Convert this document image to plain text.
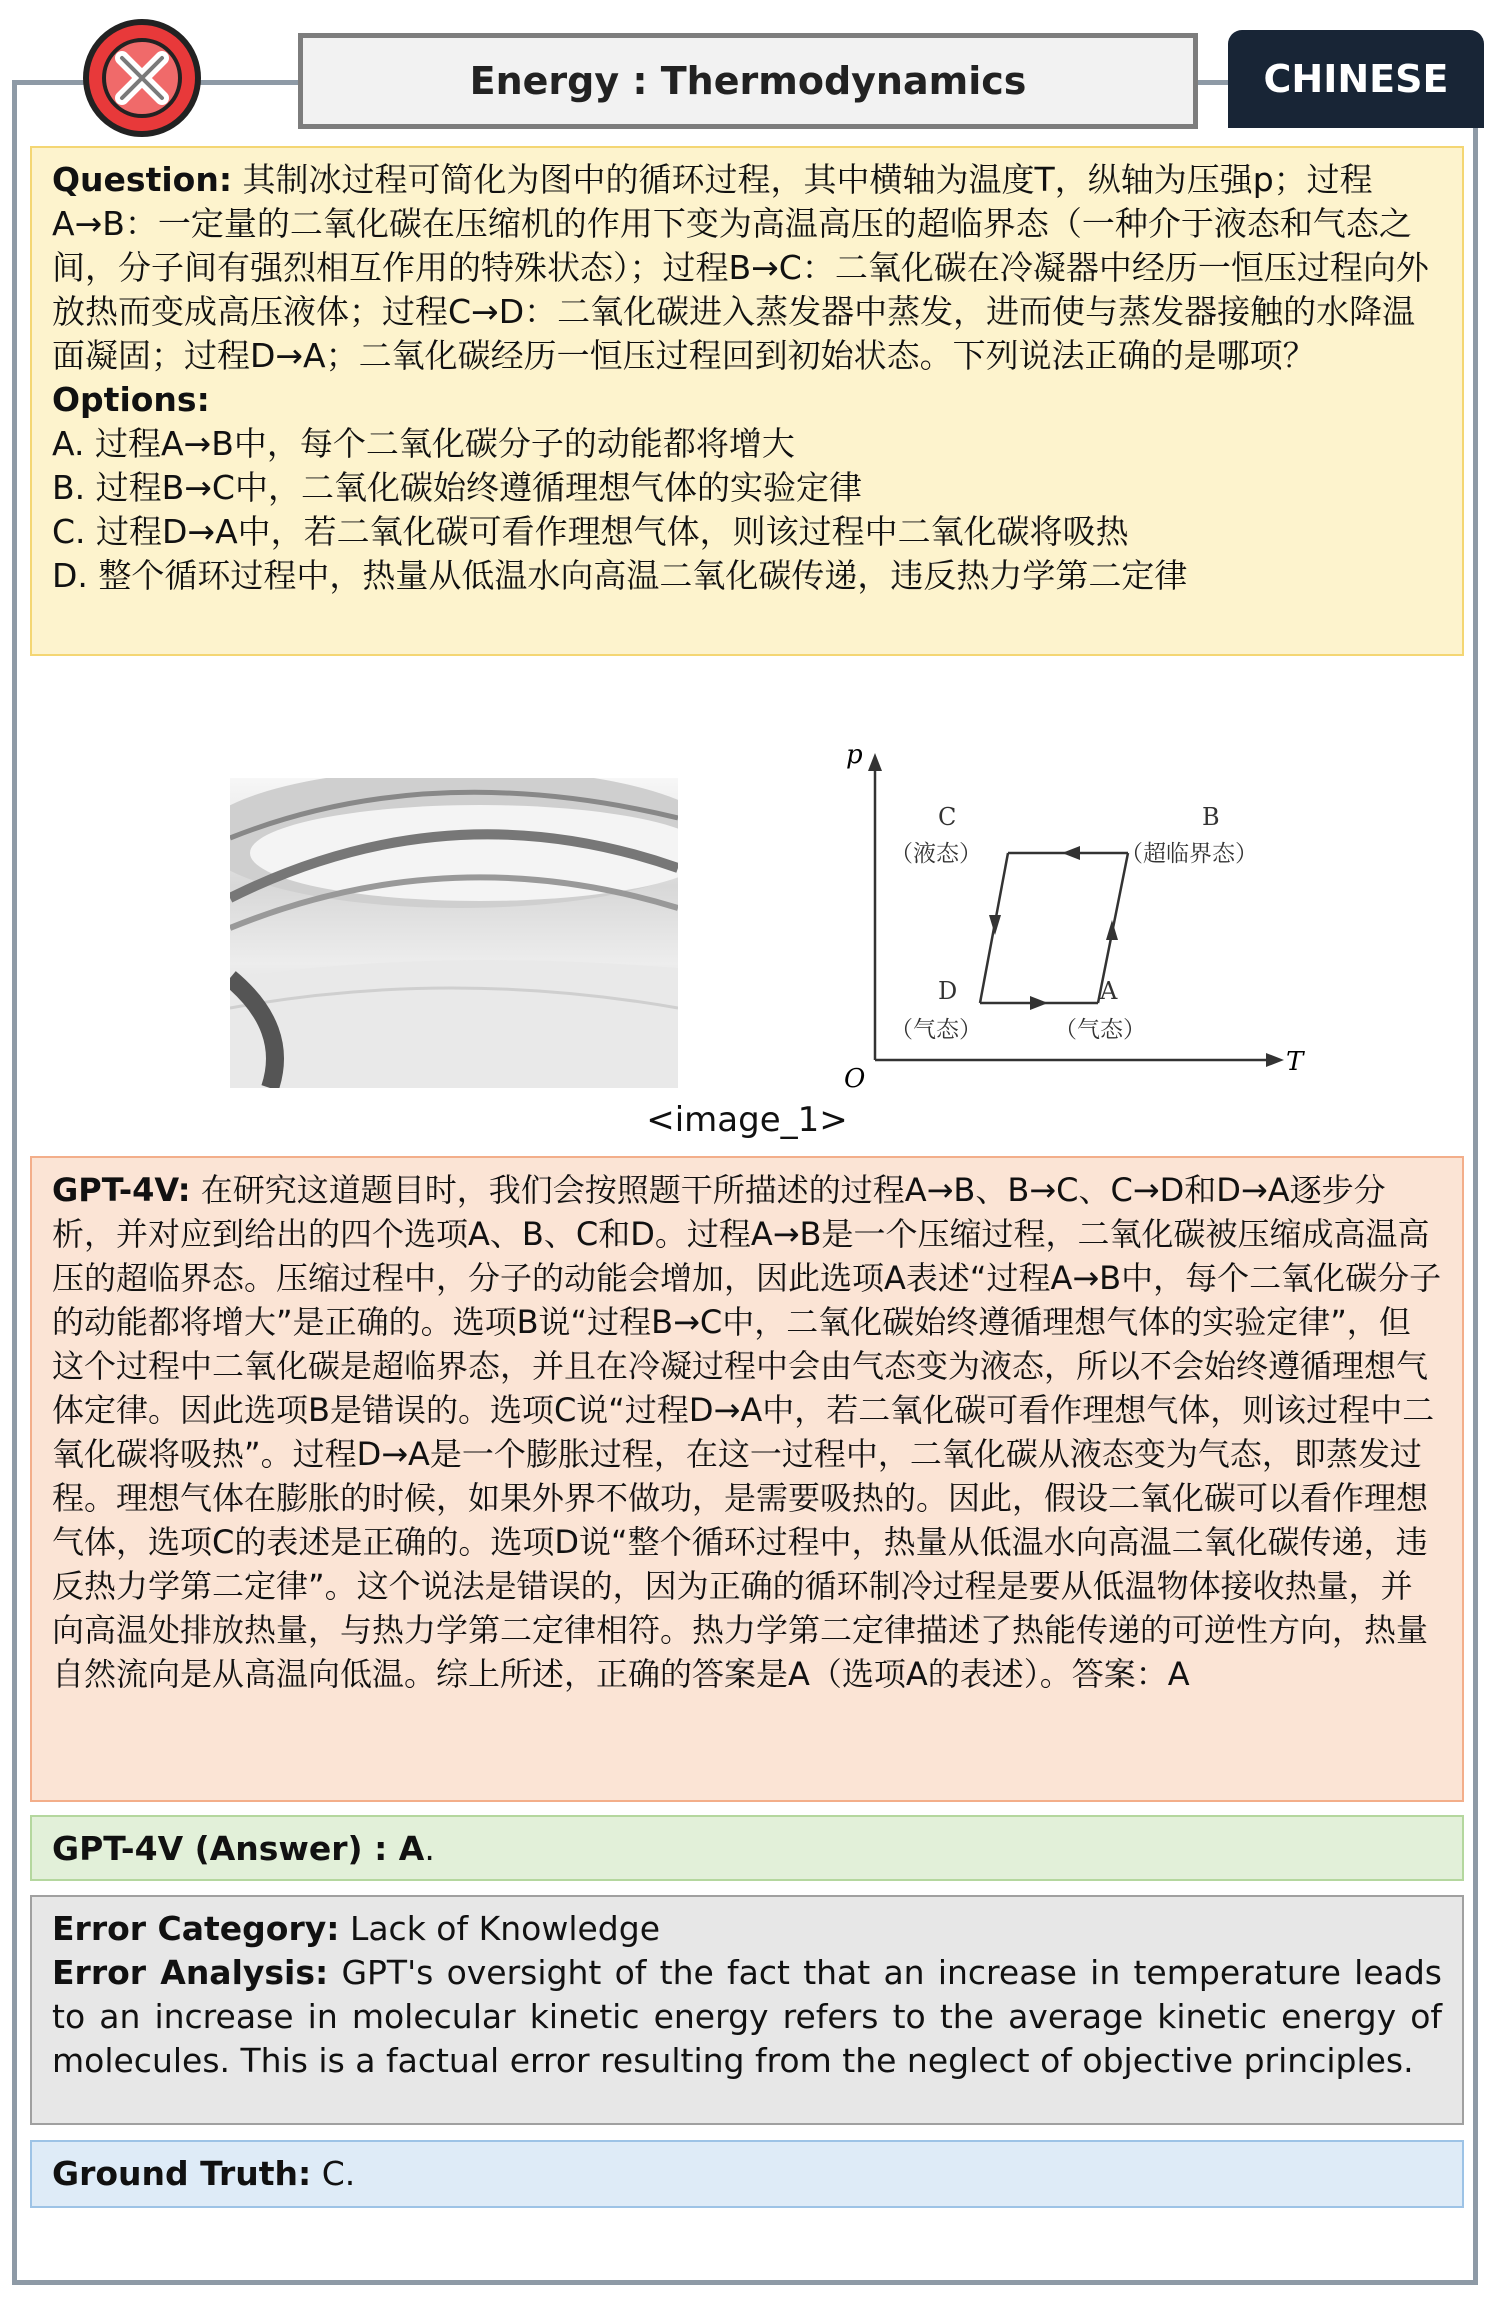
Energy : Thermodynamics	CHINESE
Question: 其制冰过程可简化为图中的循环过程，其中横轴为温度T，纵轴为压强p；过程A→B：一定量的二氧化碳在压缩机的作用下变为高温高压的超临界态（一种介于液态和气态之间，分子间有强烈相互作用的特殊状态）；过程B→C：二氧化碳在冷凝器中经历一恒压过程向外放热而变成高压液体；过程C→D：二氧化碳进入蒸发器中蒸发，进而使与蒸发器接触的水降温面凝固；过程D→A；二氧化碳经历一恒压过程回到初始状态。下列说法正确的是哪项？
Options:
A. 过程A→B中，每个二氧化碳分子的动能都将增大
B. 过程B→C中，二氧化碳始终遵循理想气体的实验定律
C. 过程D→A中，若二氧化碳可看作理想气体，则该过程中二氧化碳将吸热
D. 整个循环过程中，热量从低温水向高温二氧化碳传递，违反热力学第二定律
p
T
O
C
（液态）
B
（超临界态）
D
（气态）
A
（气态）
<image_1>
GPT-4V: 在研究这道题目时，我们会按照题干所描述的过程A→B、B→C、C→D和D→A逐步分析，并对应到给出的四个选项A、B、C和D。过程A→B是一个压缩过程，二氧化碳被压缩成高温高压的超临界态。压缩过程中，分子的动能会增加，因此选项A表述“过程A→B中，每个二氧化碳分子的动能都将增大”是正确的。选项B说“过程B→C中，二氧化碳始终遵循理想气体的实验定律”，但这个过程中二氧化碳是超临界态，并且在冷凝过程中会由气态变为液态，所以不会始终遵循理想气体定律。因此选项B是错误的。选项C说“过程D→A中，若二氧化碳可看作理想气体，则该过程中二氧化碳将吸热”。过程D→A是一个膨胀过程，在这一过程中，二氧化碳从液态变为气态，即蒸发过程。理想气体在膨胀的时候，如果外界不做功，是需要吸热的。因此，假设二氧化碳可以看作理想气体，选项C的表述是正确的。选项D说“整个循环过程中，热量从低温水向高温二氧化碳传递，违反热力学第二定律”。这个说法是错误的，因为正确的循环制冷过程是要从低温物体接收热量，并向高温处排放热量，与热力学第二定律相符。热力学第二定律描述了热能传递的可逆性方向，热量自然流向是从高温向低温。综上所述，正确的答案是A（选项A的表述）。答案：A
GPT-4V (Answer) : A.
Error Category: Lack of Knowledge
Error Analysis: GPT's oversight of the fact that an increase in temperature leads to an increase in molecular kinetic energy refers to the average kinetic energy of molecules. This is a factual error resulting from the neglect of objective principles.
Ground Truth: C.
